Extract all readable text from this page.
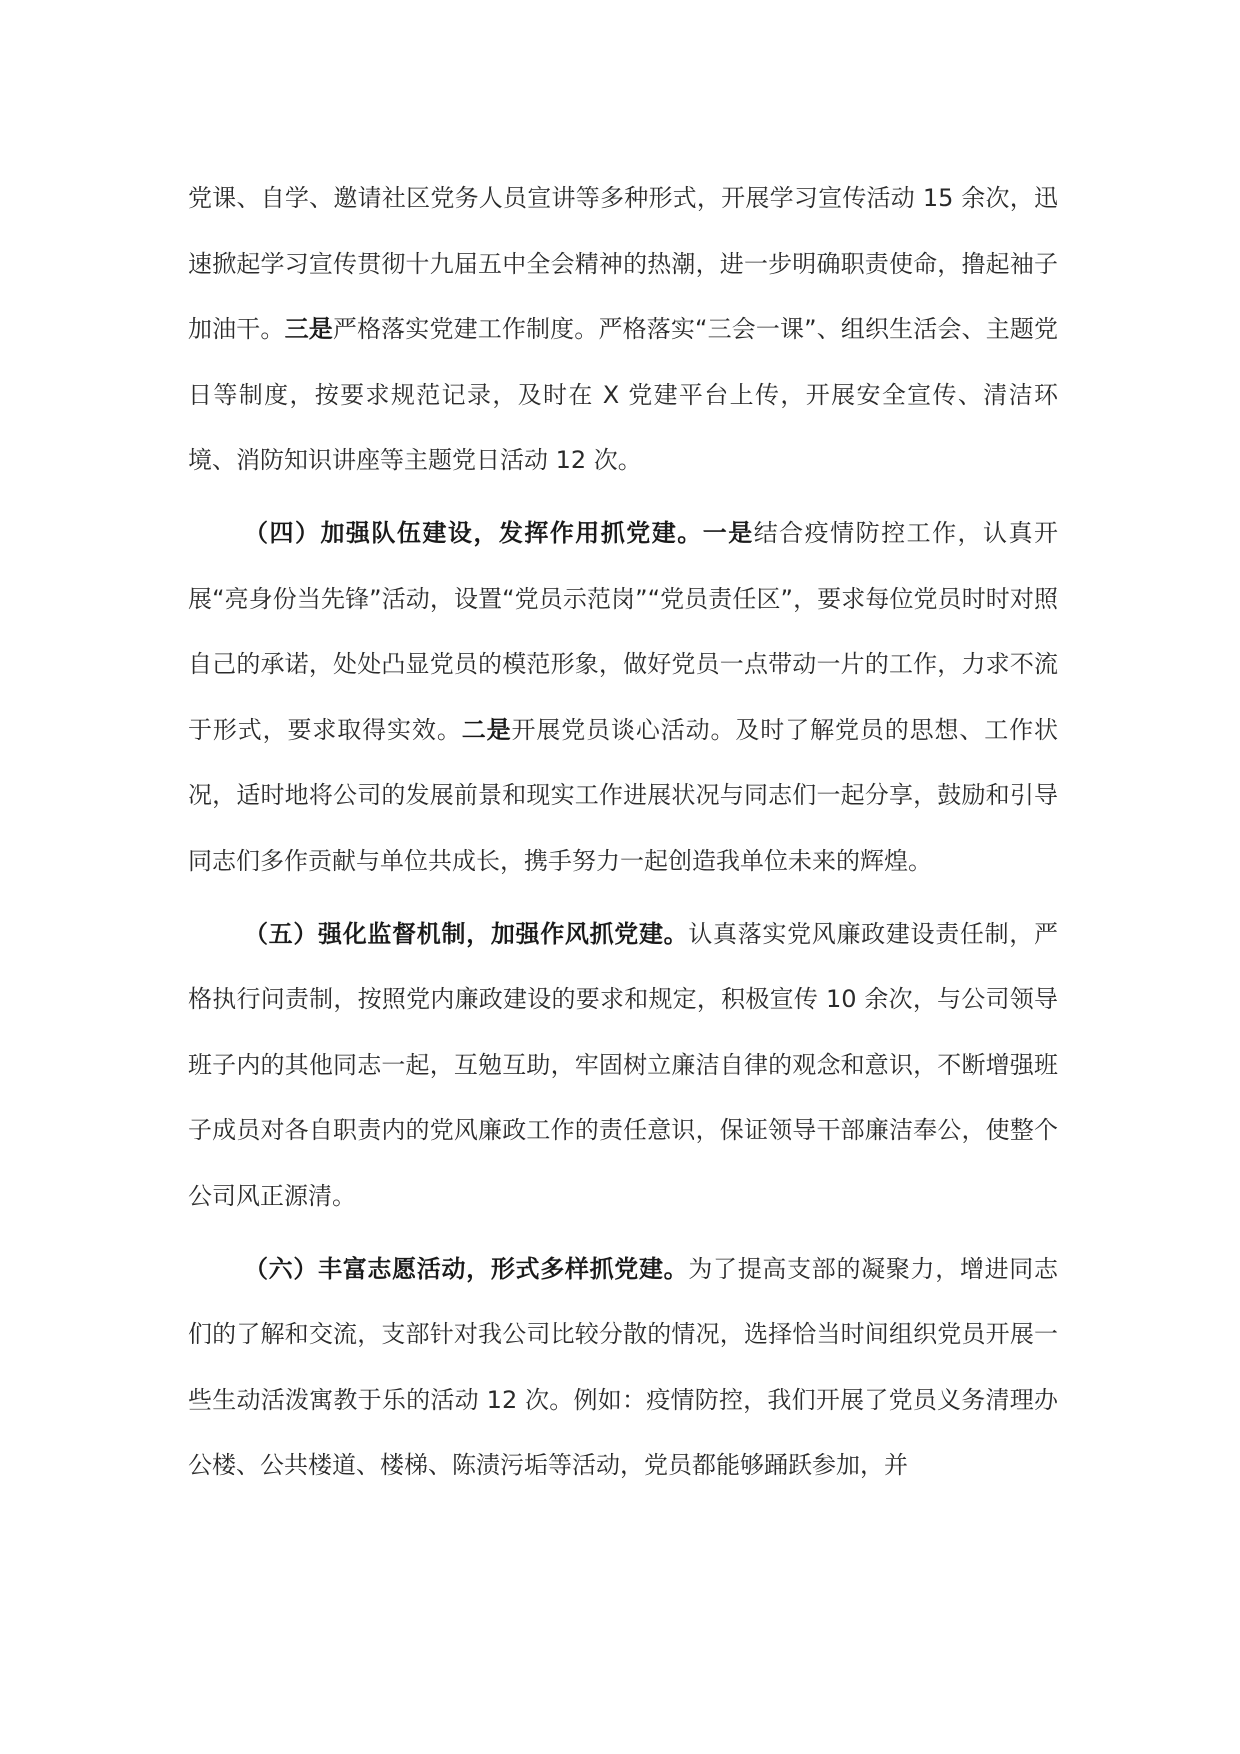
党课、自学、邀请社区党务人员宣讲等多种形式，开展学习宣传活动 15 余次，迅速掀起学习宣传贯彻十九届五中全会精神的热潮，进一步明确职责使命，撸起袖子加油干。三是严格落实党建工作制度。严格落实“三会一课”、组织生活会、主题党日等制度，按要求规范记录，及时在 X 党建平台上传，开展安全宣传、清洁环境、消防知识讲座等主题党日活动 12 次。

（四）加强队伍建设，发挥作用抓党建。一是结合疫情防控工作，认真开展“亮身份当先锋”活动，设置“党员示范岗”“党员责任区”，要求每位党员时时对照自己的承诺，处处凸显党员的模范形象，做好党员一点带动一片的工作，力求不流于形式，要求取得实效。二是开展党员谈心活动。及时了解党员的思想、工作状况，适时地将公司的发展前景和现实工作进展状况与同志们一起分享，鼓励和引导同志们多作贡献与单位共成长，携手努力一起创造我单位未来的辉煌。

（五）强化监督机制，加强作风抓党建。认真落实党风廉政建设责任制，严格执行问责制，按照党内廉政建设的要求和规定，积极宣传 10 余次，与公司领导班子内的其他同志一起，互勉互助，牢固树立廉洁自律的观念和意识，不断增强班子成员对各自职责内的党风廉政工作的责任意识，保证领导干部廉洁奉公，使整个公司风正源清。

（六）丰富志愿活动，形式多样抓党建。为了提高支部的凝聚力，增进同志们的了解和交流，支部针对我公司比较分散的情况，选择恰当时间组织党员开展一些生动活泼寓教于乐的活动 12 次。例如：疫情防控，我们开展了党员义务清理办公楼、公共楼道、楼梯、陈渍污垢等活动，党员都能够踊跃参加，并
